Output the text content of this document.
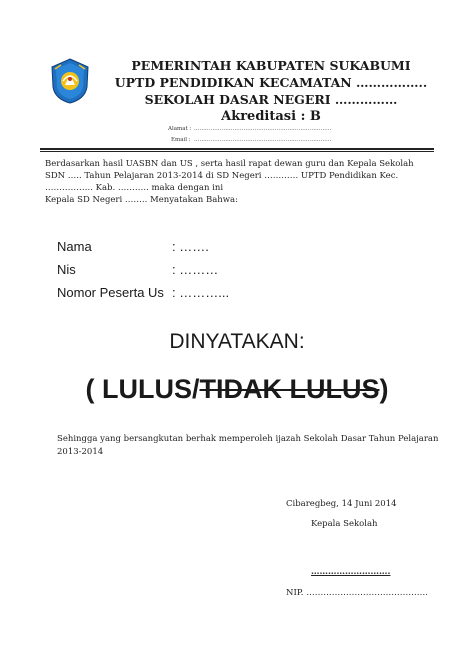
PEMERINTAH KABUPATEN SUKABUMI
UPTD PENDIDIKAN KECAMATAN ……………..
SEKOLAH DASAR NEGERI ……………
Akreditasi : B
Alamat : …………………………………………………………………
Email : …………………………………………………………………
Berdasarkan hasil UASBN dan US , serta hasil rapat dewan guru dan Kepala Sekolah
SDN ….. Tahun Pelajaran 2013-2014 di SD Negeri ………… UPTD Pendidikan Kec.
…………….. Kab. ……….. maka dengan ini
Kepala SD Negeri …….. Menyatakan Bahwa:
Nama	: …….
Nis	: ………
Nomor Peserta Us : ………...
DINYATAKAN:
( LULUS/TIDAK LULUS)
Sehingga yang bersangkutan berhak memperoleh ijazah Sekolah Dasar Tahun Pelajaran
2013-2014
Cibaregbeg, 14 Juni 2014
Kepala Sekolah
……………………….
NIP. …………………………………….
